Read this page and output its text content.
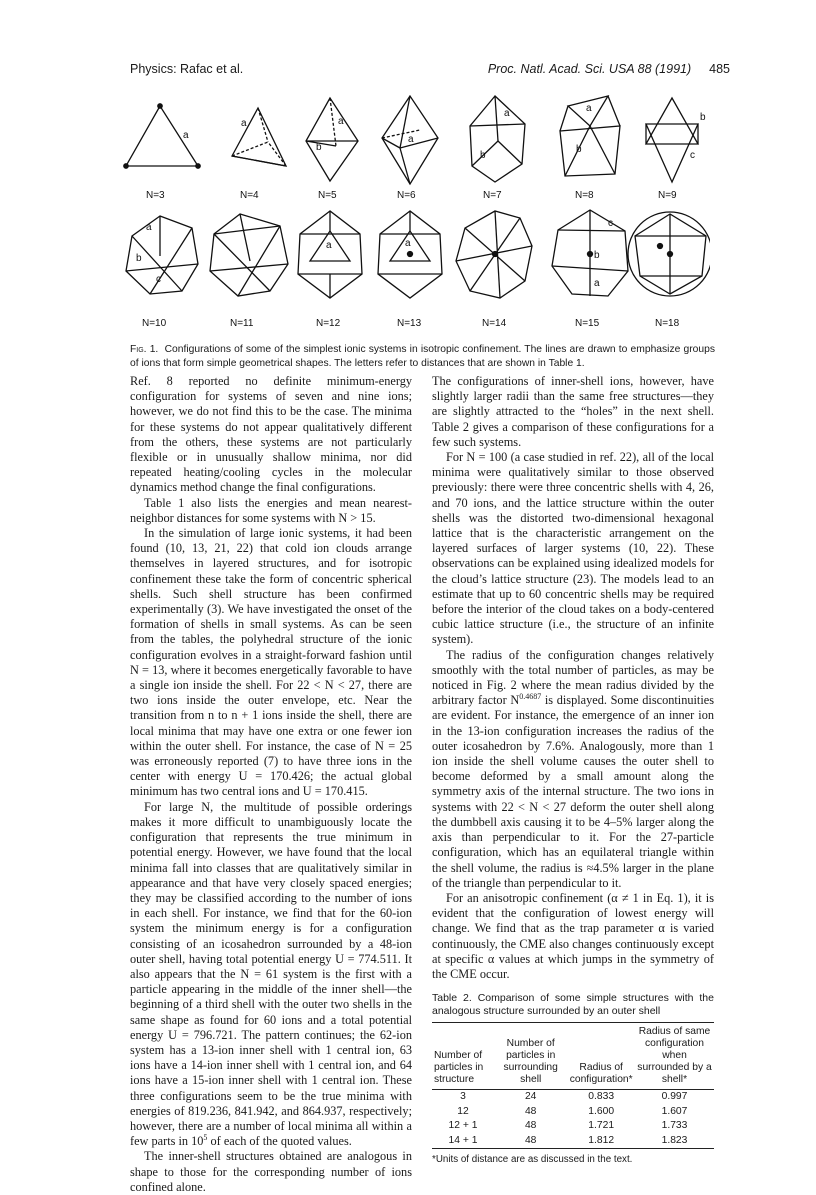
Physics: Rafac et al.	Proc. Natl. Acad. Sci. USA 88 (1991) 485
a
a	a
b
a
a
b
a
b
b
c
a
b
c
a	a
c
b
a
N=3	N=4	N=5	N=6	N=7	N=8	N=9
N=10	N=11	N=12	N=13	N=14	N=15	N=18
Fig. 1. Configurations of some of the simplest ionic systems in isotropic confinement. The lines are drawn to emphasize groups of ions that form simple geometrical shapes. The letters refer to distances that are shown in Table 1.

Ref. 8 reported no definite minimum-energy configuration for systems of seven and nine ions; however, we do not find this to be the case. The minima for these systems do not appear qualitatively different from the others, these systems are not particularly flexible or in unusually shallow minima, nor did repeated heating/cooling cycles in the molecular dynamics method change the final configurations.

Table 1 also lists the energies and mean nearest-neighbor distances for some systems with N > 15.

In the simulation of large ionic systems, it had been found (10, 13, 21, 22) that cold ion clouds arrange themselves in layered structures, and for isotropic confinement these take the form of concentric spherical shells. Such shell structure has been confirmed experimentally (3). We have investigated the onset of the formation of shells in small systems. As can be seen from the tables, the polyhedral structure of the ionic configuration evolves in a straight-forward fashion until N = 13, where it becomes energetically favorable to have a single ion inside the shell. For 22 < N < 27, there are two ions inside the outer envelope, etc. Near the transition from n to n + 1 ions inside the shell, there are local minima that may have one extra or one fewer ion within the outer shell. For instance, the case of N = 25 was erroneously reported (7) to have three ions in the center with energy U = 170.426; the actual global minimum has two central ions and U = 170.415.

For large N, the multitude of possible orderings makes it more difficult to unambiguously locate the configuration that represents the true minimum in potential energy. However, we have found that the local minima fall into classes that are qualitatively similar in appearance and that have very closely spaced energies; they may be classified according to the number of ions in each shell. For instance, we find that for the 60-ion system the minimum energy is for a configuration consisting of an icosahedron surrounded by a 48-ion outer shell, having total potential energy U = 774.511. It also appears that the N = 61 system is the first with a particle appearing in the middle of the inner shell—the beginning of a third shell with the outer two shells in the same shape as found for 60 ions and a total potential energy U = 796.721. The pattern continues; the 62-ion system has a 13-ion inner shell with 1 central ion, 63 ions have a 14-ion inner shell with 1 central ion, and 64 ions have a 15-ion inner shell with 1 central ion. These three configurations seem to be the true minima with energies of 819.236, 841.942, and 864.937, respectively; however, there are a number of local minima all within a few parts in $10^5$ of each of the quoted values.

The inner-shell structures obtained are analogous in shape to those for the corresponding number of ions confined alone.

The configurations of inner-shell ions, however, have slightly larger radii than the same free structures—they are slightly attracted to the “holes” in the next shell. Table 2 gives a comparison of these configurations for a few such systems.

For N = 100 (a case studied in ref. 22), all of the local minima were qualitatively similar to those observed previously: there were three concentric shells with 4, 26, and 70 ions, and the lattice structure within the outer shells was the distorted two-dimensional hexagonal lattice that is the characteristic arrangement on the layered surfaces of larger systems (10, 22). These observations can be explained using idealized models for the cloud’s lattice structure (23). The models lead to an estimate that up to 60 concentric shells may be required before the interior of the cloud takes on a body-centered cubic lattice structure (i.e., the structure of an infinite system).

The radius of the configuration changes relatively smoothly with the total number of particles, as may be noticed in Fig. 2 where the mean radius divided by the arbitrary factor $N^{0.4687}$ is displayed. Some discontinuities are evident. For instance, the emergence of an inner ion in the 13-ion configuration increases the radius of the outer icosahedron by 7.6%. Analogously, more than 1 ion inside the shell volume causes the outer shell to become deformed by a small amount along the symmetry axis of the internal structure. The two ions in systems with 22 < N < 27 deform the outer shell along the dumbbell axis causing it to be 4–5% larger along the axis than perpendicular to it. For the 27-particle configuration, which has an equilateral triangle within the shell volume, the radius is ≈4.5% larger in the plane of the triangle than perpendicular to it.

For an anisotropic confinement (α ≠ 1 in Eq. 1), it is evident that the configuration of lowest energy will change. We find that as the trap parameter α is varied continuously, the CME also changes continuously except at specific α values at which jumps in the symmetry of the CME occur.

Table 2. Comparison of some simple structures with the analogous structure surrounded by an outer shell
Number of particles in structure	Number of particles in surrounding shell	Radius of configuration*	Radius of same configuration when surrounded by a shell*
3	24	0.833	0.997
12	48	1.600	1.607
12 + 1	48	1.721	1.733
14 + 1	48	1.812	1.823
*Units of distance are as discussed in the text.
